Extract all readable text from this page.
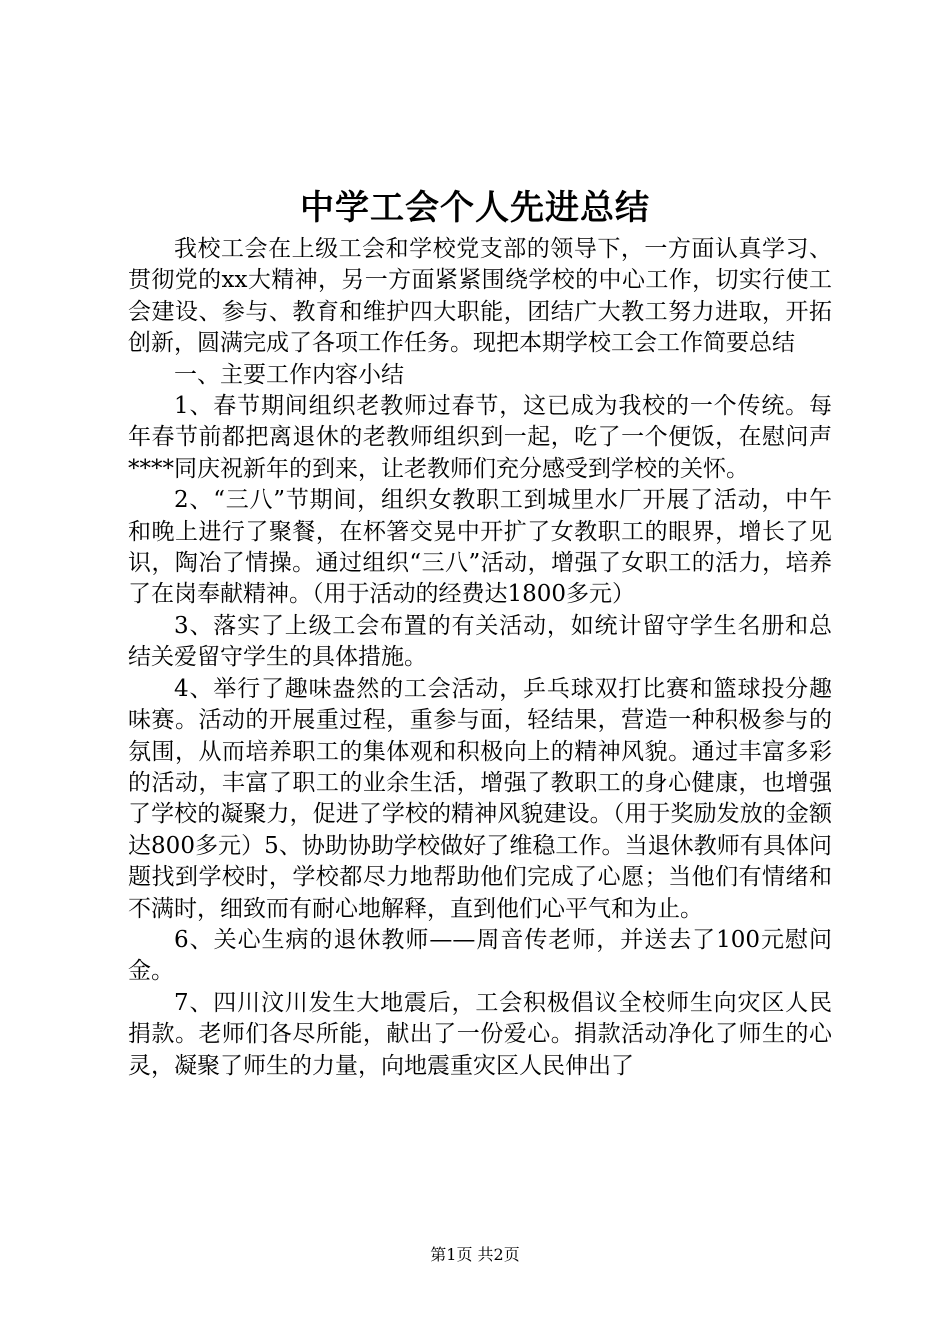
中学工会个人先进总结

我校工会在上级工会和学校党支部的领导下，一方面认真学习、贯彻党的xx大精神，另一方面紧紧围绕学校的中心工作，切实行使工会建设、参与、教育和维护四大职能，团结广大教工努力进取，开拓创新，圆满完成了各项工作任务。现把本期学校工会工作简要总结

一、主要工作内容小结

1、春节期间组织老教师过春节，这已成为我校的一个传统。每年春节前都把离退休的老教师组织到一起，吃了一个便饭，在慰问声****同庆祝新年的到来，让老教师们充分感受到学校的关怀。

2、“三八”节期间，组织女教职工到城里水厂开展了活动，中午和晚上进行了聚餐，在杯箸交晃中开扩了女教职工的眼界，增长了见识，陶冶了情操。通过组织“三八”活动，增强了女职工的活力，培养了在岗奉献精神。（用于活动的经费达1800多元）

3、落实了上级工会布置的有关活动，如统计留守学生名册和总结关爱留守学生的具体措施。

4、举行了趣味盎然的工会活动，乒乓球双打比赛和篮球投分趣味赛。活动的开展重过程，重参与面，轻结果，营造一种积极参与的氛围，从而培养职工的集体观和积极向上的精神风貌。通过丰富多彩的活动，丰富了职工的业余生活，增强了教职工的身心健康，也增强了学校的凝聚力，促进了学校的精神风貌建设。（用于奖励发放的金额达800多元）5、协助协助学校做好了维稳工作。当退休教师有具体问题找到学校时，学校都尽力地帮助他们完成了心愿；当他们有情绪和不满时，细致而有耐心地解释，直到他们心平气和为止。

6、关心生病的退休教师——周音传老师，并送去了100元慰问金。

7、四川汶川发生大地震后，工会积极倡议全校师生向灾区人民捐款。老师们各尽所能，献出了一份爱心。捐款活动净化了师生的心灵，凝聚了师生的力量，向地震重灾区人民伸出了

第1页 共2页
